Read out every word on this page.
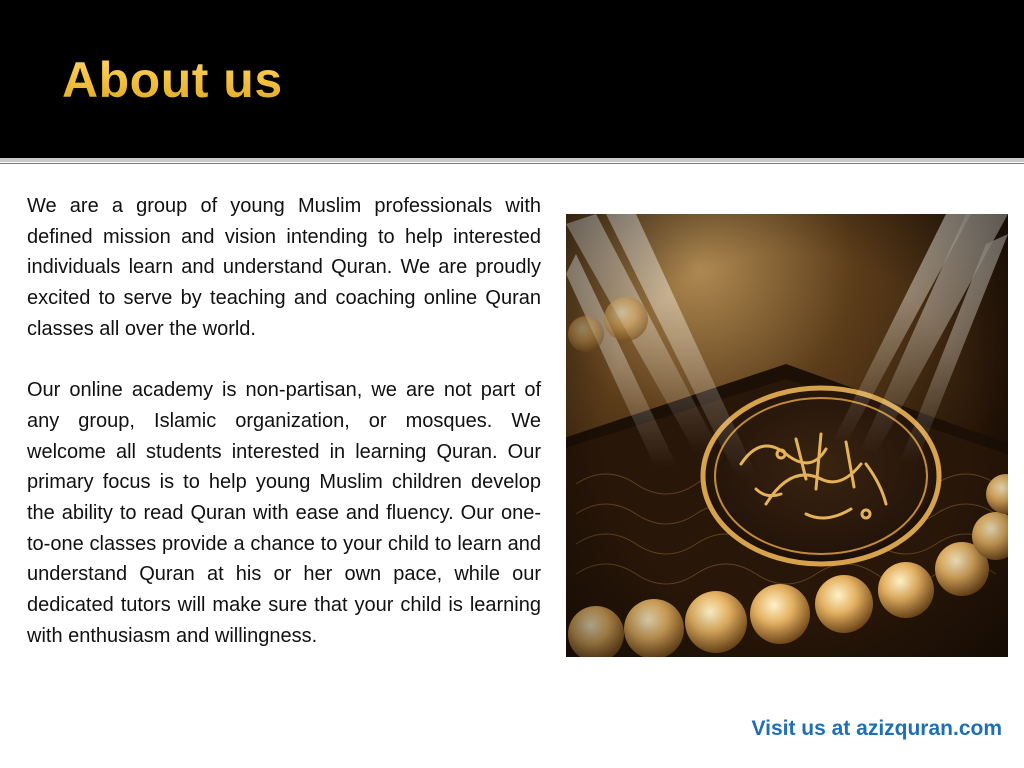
About us

We are a group of young Muslim professionals with defined mission and vision intending to help interested individuals learn and understand Quran. We are proudly excited to serve by teaching and coaching online Quran classes all over the world.

Our online academy is non-partisan, we are not part of any group, Islamic organization, or mosques. We welcome all students interested in learning Quran. Our primary focus is to help young Muslim children develop the ability to read Quran with ease and fluency. Our one-to-one classes provide a chance to your child to learn and understand Quran at his or her own pace, while our dedicated tutors will make sure that your child is learning with enthusiasm and willingness.

Visit us at azizquran.com
